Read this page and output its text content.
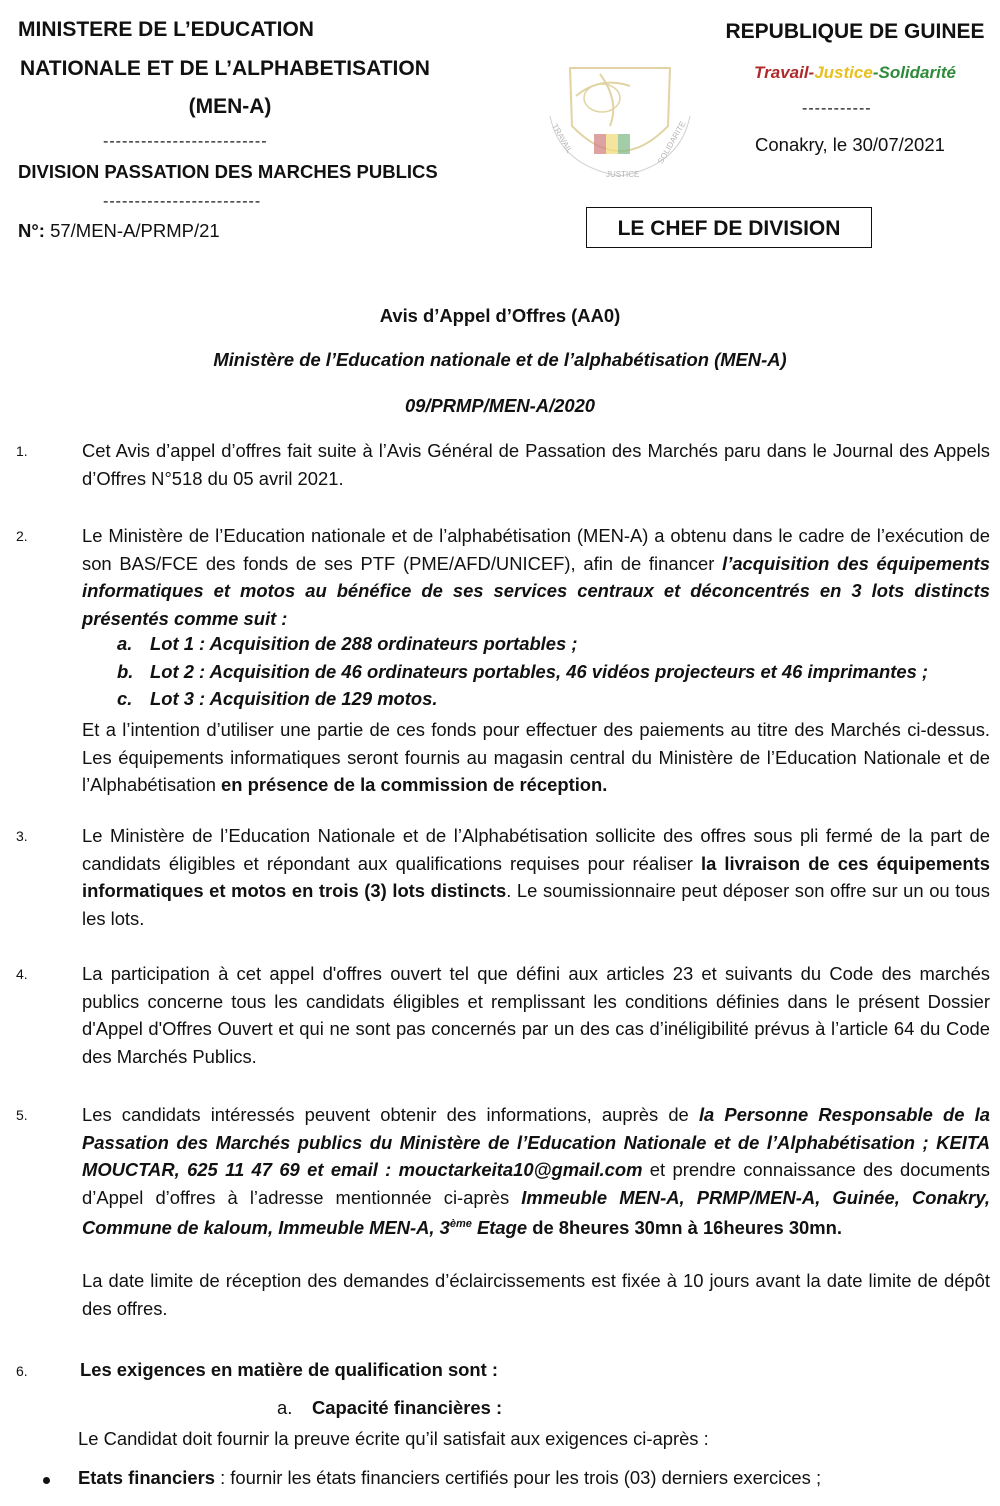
MINISTERE DE L’EDUCATION
NATIONALE ET DE L’ALPHABETISATION
(MEN-A)
--------------------------
DIVISION PASSATION DES MARCHES PUBLICS
-------------------------
N°: 57/MEN-A/PRMP/21
TRAVAIL
JUSTICE
SOLIDARITE
REPUBLIQUE DE GUINEE
Travail-Justice-Solidarité
-----------
Conakry, le 30/07/2021
LE CHEF DE DIVISION
Avis d’Appel d’Offres (AA0)
Ministère de l’Education nationale et de l’alphabétisation (MEN-A)
09/PRMP/MEN-A/2020
1.	Cet Avis d’appel d’offres fait suite à l’Avis Général de Passation des Marchés paru dans le Journal des Appels d’Offres N°518 du 05 avril 2021.
2.	Le Ministère de l’Education nationale et de l’alphabétisation (MEN-A) a obtenu dans le cadre de l’exécution de son BAS/FCE des fonds de ses PTF (PME/AFD/UNICEF), afin de financer l’acquisition des équipements informatiques et motos au bénéfice de ses services centraux et déconcentrés en 3 lots distincts présentés comme suit :
a. Lot 1 : Acquisition de 288 ordinateurs portables ;
b. Lot 2 : Acquisition de 46 ordinateurs portables, 46 vidéos projecteurs et 46 imprimantes ;
c. Lot 3 : Acquisition de 129 motos.
Et a l’intention d’utiliser une partie de ces fonds pour effectuer des paiements au titre des Marchés ci-dessus. Les équipements informatiques seront fournis au magasin central du Ministère de l’Education Nationale et de l’Alphabétisation en présence de la commission de réception.
3.	Le Ministère de l’Education Nationale et de l’Alphabétisation sollicite des offres sous pli fermé de la part de candidats éligibles et répondant aux qualifications requises pour réaliser la livraison de ces équipements informatiques et motos en trois (3) lots distincts. Le soumissionnaire peut déposer son offre sur un ou tous les lots.
4.	La participation à cet appel d'offres ouvert tel que défini aux articles 23 et suivants du Code des marchés publics concerne tous les candidats éligibles et remplissant les conditions définies dans le présent Dossier d'Appel d'Offres Ouvert et qui ne sont pas concernés par un des cas d’inéligibilité prévus à l’article 64 du Code des Marchés Publics.
5.	Les candidats intéressés peuvent obtenir des informations, auprès de la Personne Responsable de la Passation des Marchés publics du Ministère de l’Education Nationale et de l’Alphabétisation ; KEITA MOUCTAR, 625 11 47 69 et email : mouctarkeita10@gmail.com et prendre connaissance des documents d’Appel d’offres à l’adresse mentionnée ci-après Immeuble MEN-A, PRMP/MEN-A, Guinée, Conakry, Commune de kaloum, Immeuble MEN-A, 3ème Etage de 8heures 30mn à 16heures 30mn.
La date limite de réception des demandes d’éclaircissements est fixée à 10 jours avant la date limite de dépôt des offres.
6.	Les exigences en matière de qualification sont :
a. Capacité financières :
Le Candidat doit fournir la preuve écrite qu’il satisfait aux exigences ci-après :
Etats financiers : fournir les états financiers certifiés pour les trois (03) derniers exercices ;
